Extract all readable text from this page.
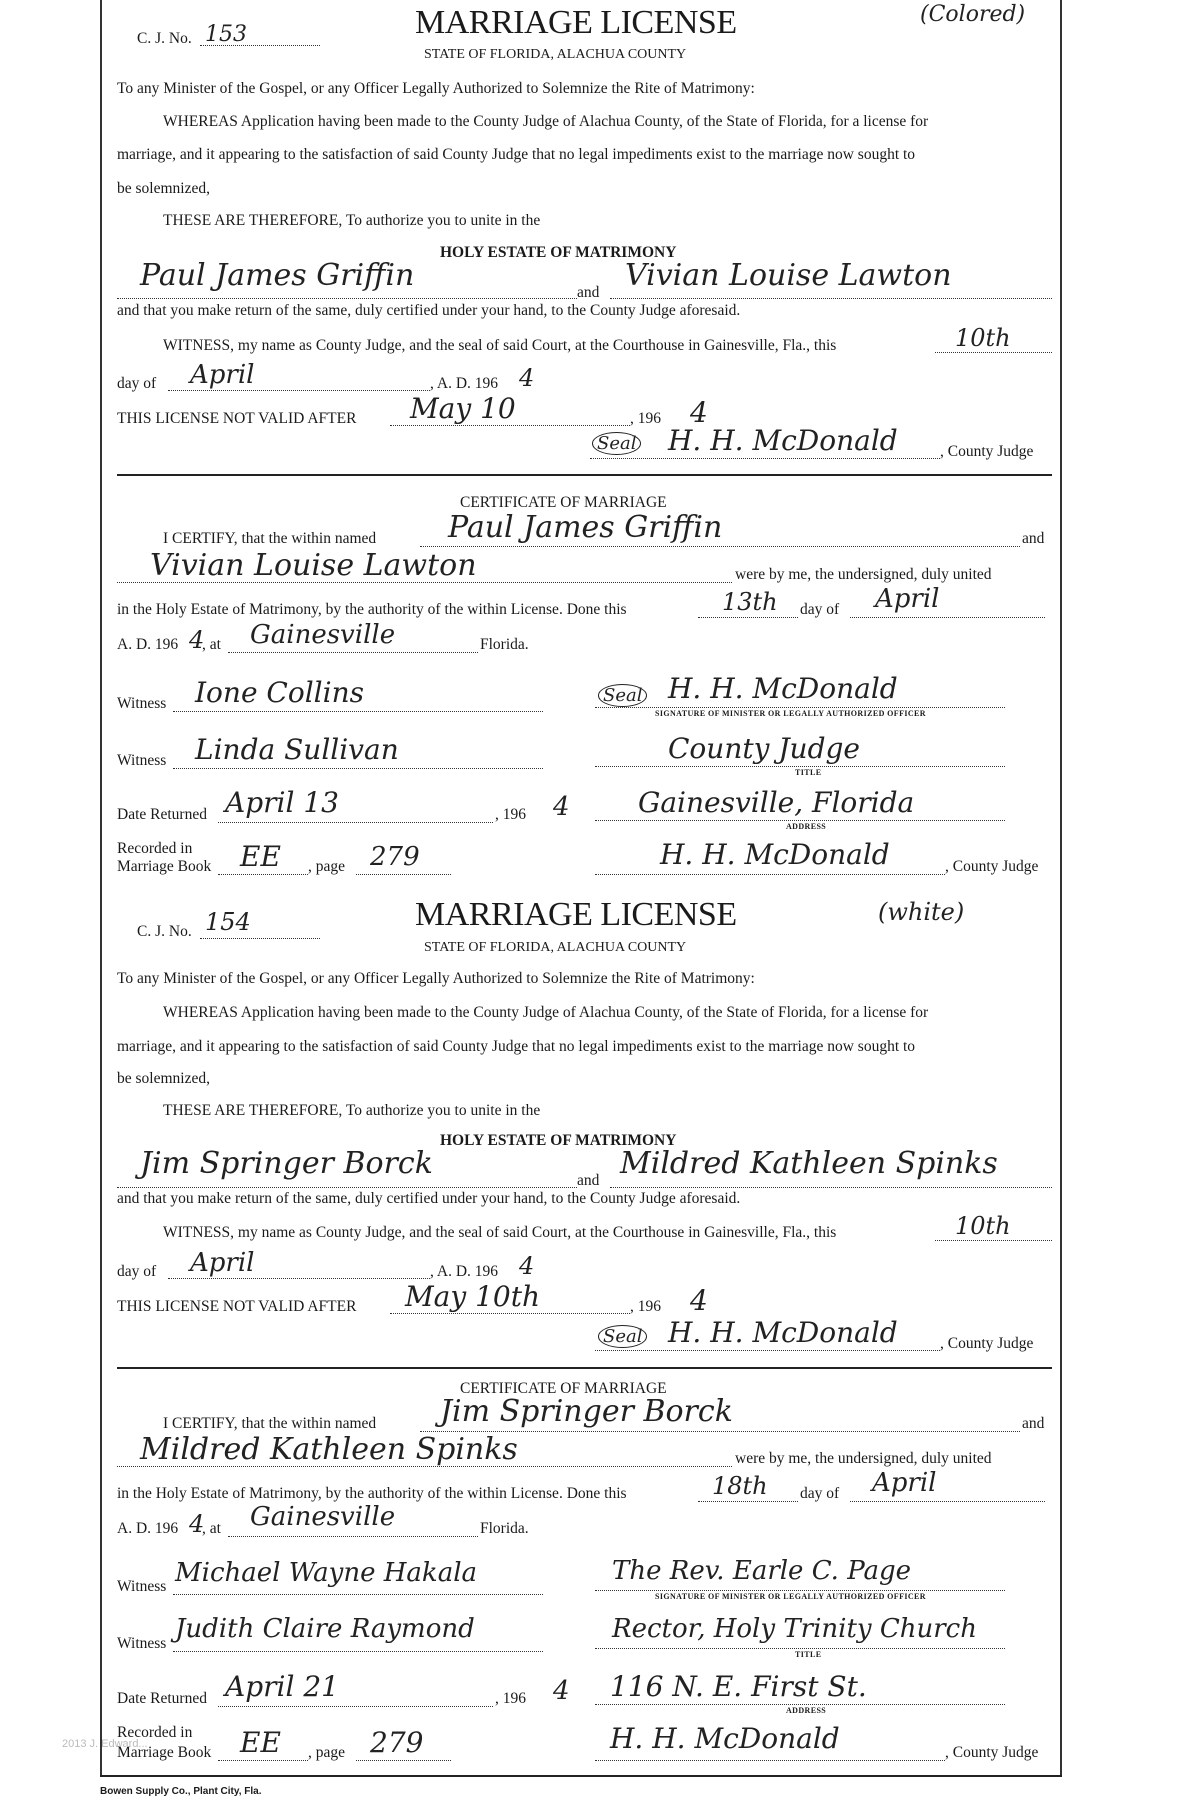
C. J. No. 153	MARRIAGE LICENSE	(Colored)
STATE OF FLORIDA, ALACHUA COUNTY
To any Minister of the Gospel, or any Officer Legally Authorized to Solemnize the Rite of Matrimony:
WHEREAS Application having been made to the County Judge of Alachua County, of the State of Florida, for a license for
marriage, and it appearing to the satisfaction of said County Judge that no legal impediments exist to the marriage now sought to
be solemnized,
THESE ARE THEREFORE, To authorize you to unite in the
HOLY ESTATE OF MATRIMONY
Paul James Griffin	and Vivian Louise Lawton
and that you make return of the same, duly certified under your hand, to the County Judge aforesaid.
WITNESS, my name as County Judge, and the seal of said Court, at the Courthouse in Gainesville, Fla., this	10th
day of April	, A. D. 196 4
THIS LICENSE NOT VALID AFTER May 10	, 196 4
Seal H. H. McDonald	, County Judge
CERTIFICATE OF MARRIAGE
I CERTIFY, that the within named Paul James Griffin	and
Vivian Louise Lawton	were by me, the undersigned, duly united
in the Holy Estate of Matrimony, by the authority of the within License. Done this	13th day of April
A. D. 196 4
, at Gainesville	Florida.
Witness Ione Collins	Seal H. H. McDonald
SIGNATURE OF MINISTER OR LEGALLY AUTHORIZED OFFICER
Witness Linda Sullivan	County Judge
TITLE
Date Returned April 13	, 196 4 Gainesville, Florida
ADDRESS
Recorded in
Marriage Book EE , page 279	H. H. McDonald	, County Judge
C. J. No. 154	MARRIAGE LICENSE	(white)
STATE OF FLORIDA, ALACHUA COUNTY
To any Minister of the Gospel, or any Officer Legally Authorized to Solemnize the Rite of Matrimony:
WHEREAS Application having been made to the County Judge of Alachua County, of the State of Florida, for a license for
marriage, and it appearing to the satisfaction of said County Judge that no legal impediments exist to the marriage now sought to
be solemnized,
THESE ARE THEREFORE, To authorize you to unite in the
HOLY ESTATE OF MATRIMONY
Jim Springer Borck	and Mildred Kathleen Spinks
and that you make return of the same, duly certified under your hand, to the County Judge aforesaid.
WITNESS, my name as County Judge, and the seal of said Court, at the Courthouse in Gainesville, Fla., this	10th
day of April	, A. D. 196 4
THIS LICENSE NOT VALID AFTER May 10th	, 196 4
Seal H. H. McDonald	, County Judge
CERTIFICATE OF MARRIAGE
I CERTIFY, that the within named Jim Springer Borck	and
Mildred Kathleen Spinks	were by me, the undersigned, duly united
in the Holy Estate of Matrimony, by the authority of the within License. Done this	18th day of April
A. D. 196 4
, at Gainesville	Florida.
Witness Michael Wayne Hakala	The Rev. Earle C. Page
SIGNATURE OF MINISTER OR LEGALLY AUTHORIZED OFFICER
Witness Judith Claire Raymond	Rector, Holy Trinity Church
TITLE
Date Returned April 21	, 196 4 116 N. E. First St.
ADDRESS
Recorded in
Marriage Book EE , page 279	H. H. McDonald	, County Judge
2013 J. Edward...
Bowen Supply Co., Plant City, Fla.
